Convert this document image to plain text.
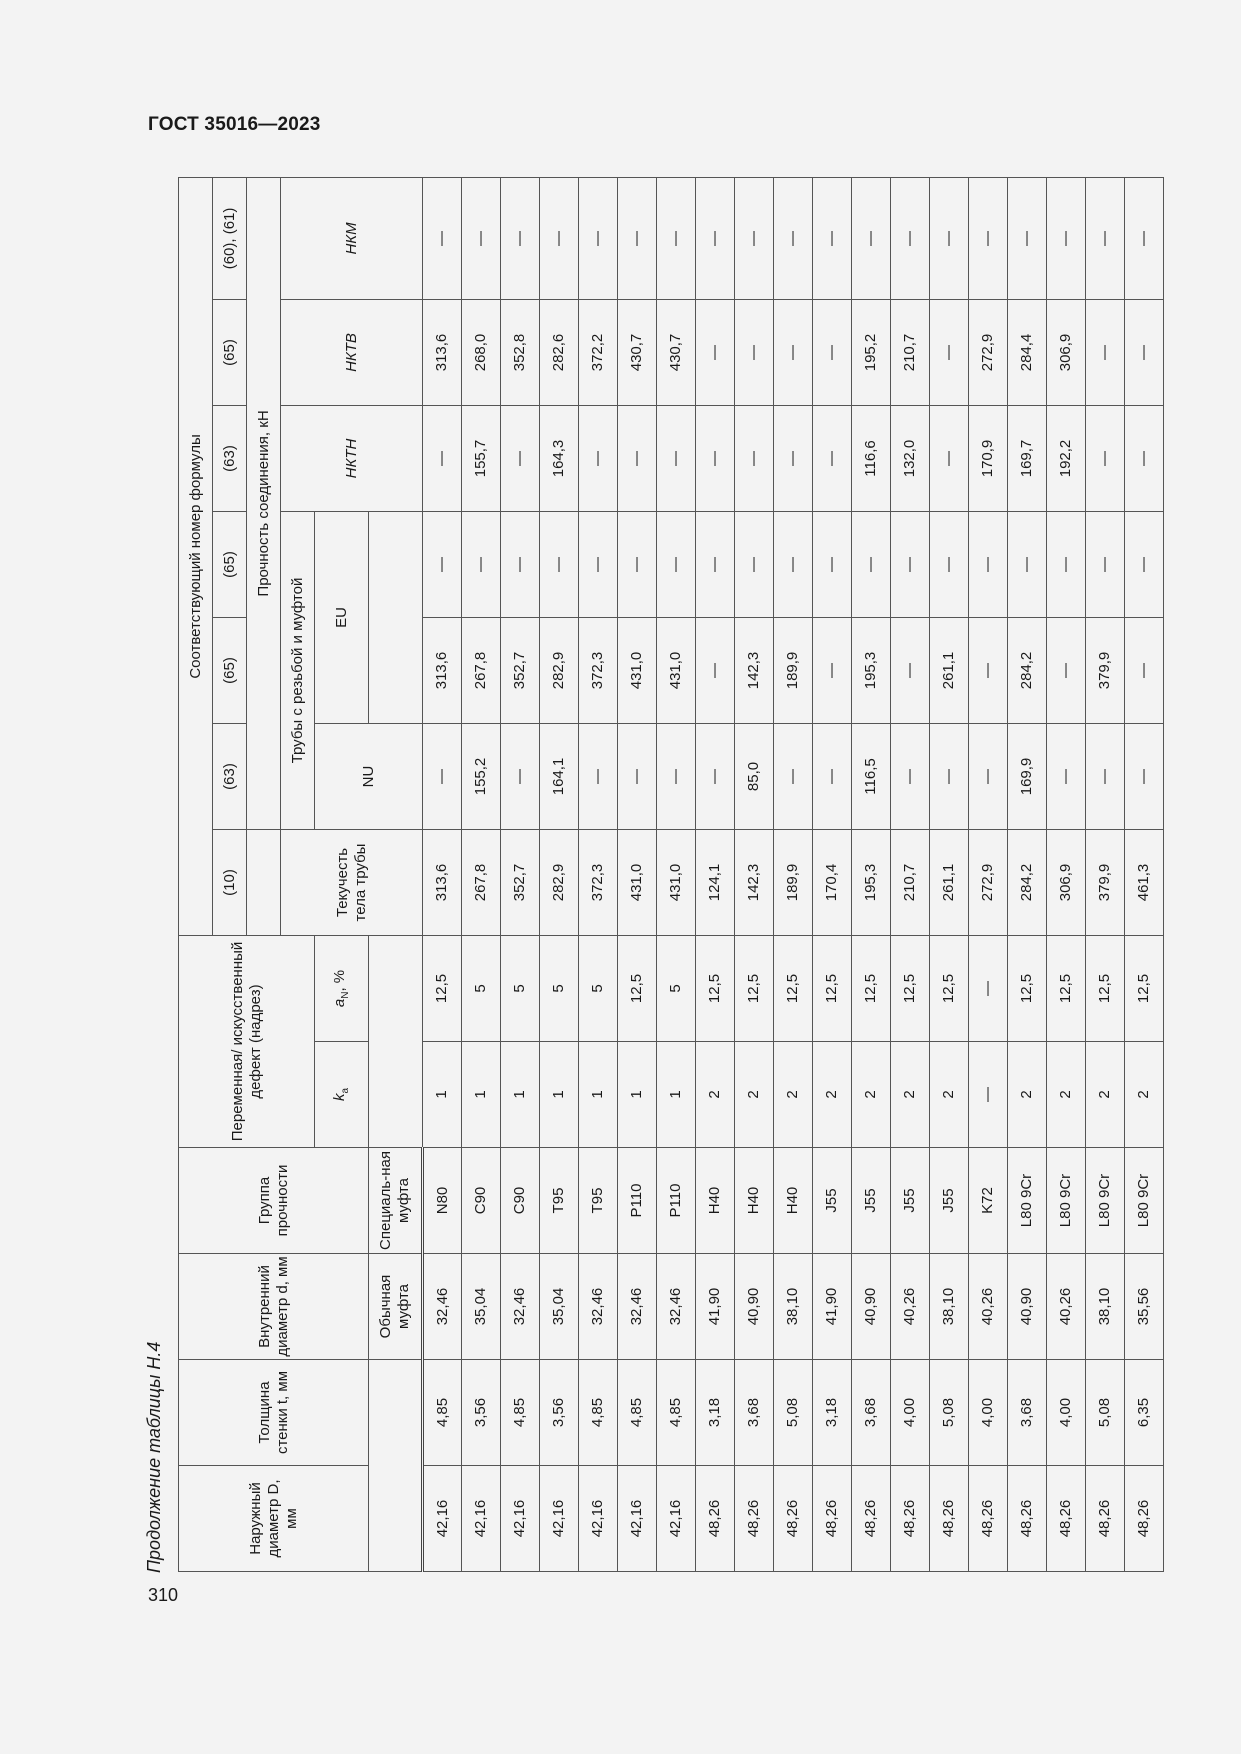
ГОСТ 35016—2023
Продолжение таблицы Н.4
310
Наружный диаметр D, мм	Толщина стенки t, мм	Внутренний диаметр d, мм	Группа прочности	Переменная/ искусственный дефект (надрез)		Соответствующий номер формулы						
						(10)	(63)	(65)	(65)	(63)	(65)	(60), (61)
							Прочность соединения, кН					
						Текучесть тела трубы	Трубы с резьбой и муфтой			НКТН	НКТВ	НКМ
				$k_a$	$a_N$, %		NU	EU				
		Обычная муфта	Специаль-ная муфта									
42,16	4,85	32,46	N80	1	12,5	313,6	—	313,6	—	—	313,6	—
42,16	3,56	35,04	C90	1	5	267,8	155,2	267,8	—	155,7	268,0	—
42,16	4,85	32,46	C90	1	5	352,7	—	352,7	—	—	352,8	—
42,16	3,56	35,04	T95	1	5	282,9	164,1	282,9	—	164,3	282,6	—
42,16	4,85	32,46	T95	1	5	372,3	—	372,3	—	—	372,2	—
42,16	4,85	32,46	P110	1	12,5	431,0	—	431,0	—	—	430,7	—
42,16	4,85	32,46	P110	1	5	431,0	—	431,0	—	—	430,7	—
48,26	3,18	41,90	H40	2	12,5	124,1	—	—	—	—	—	—
48,26	3,68	40,90	H40	2	12,5	142,3	85,0	142,3	—	—	—	—
48,26	5,08	38,10	H40	2	12,5	189,9	—	189,9	—	—	—	—
48,26	3,18	41,90	J55	2	12,5	170,4	—	—	—	—	—	—
48,26	3,68	40,90	J55	2	12,5	195,3	116,5	195,3	—	116,6	195,2	—
48,26	4,00	40,26	J55	2	12,5	210,7	—	—	—	132,0	210,7	—
48,26	5,08	38,10	J55	2	12,5	261,1	—	261,1	—	—	—	—
48,26	4,00	40,26	K72	—	—	272,9	—	—	—	170,9	272,9	—
48,26	3,68	40,90	L80 9Cr	2	12,5	284,2	169,9	284,2	—	169,7	284,4	—
48,26	4,00	40,26	L80 9Cr	2	12,5	306,9	—	—	—	192,2	306,9	—
48,26	5,08	38,10	L80 9Cr	2	12,5	379,9	—	379,9	—	—	—	—
48,26	6,35	35,56	L80 9Cr	2	12,5	461,3	—	—	—	—	—	—
